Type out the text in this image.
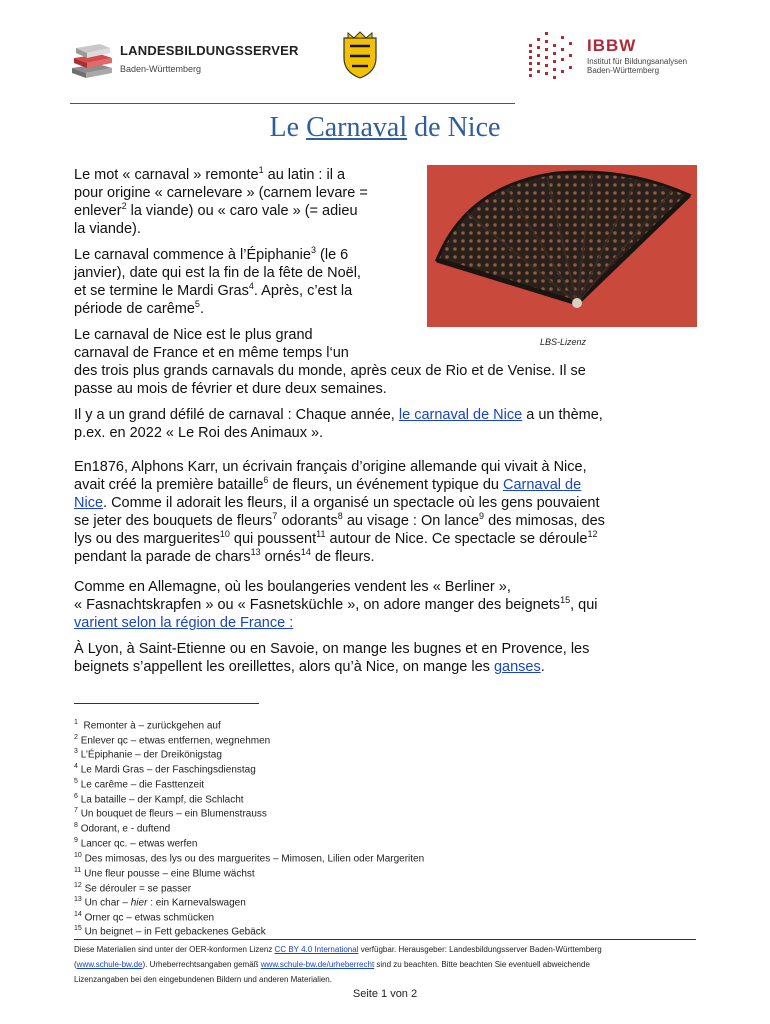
LANDESBILDUNGSSERVER
Baden-Württemberg
IBBW
Institut für Bildungsanalysen
Baden-Württemberg
Le Carnaval de Nice
LBS-Lizenz
Le mot « carnaval » remonte$^1$ au latin : il a
pour origine « carnelevare » (carnem levare =
enlever$^2$ la viande) ou « caro vale » (= adieu
la viande).
Le carnaval commence à l’Épiphanie$^3$ (le 6
janvier), date qui est la fin de la fête de Noël,
et se termine le Mardi Gras$^4$. Après, c’est la
période de carême$^5$.
Le carnaval de Nice est le plus grand
carnaval de France et en même temps l‘un
des trois plus grands carnavals du monde, après ceux de Rio et de Venise. Il se
passe au mois de février et dure deux semaines.
Il y a un grand défilé de carnaval : Chaque année, le carnaval de Nice a un thème,
p.ex. en 2022 « Le Roi des Animaux ».
En1876, Alphons Karr, un écrivain français d’origine allemande qui vivait à Nice,
avait créé la première bataille$^6$ de fleurs, un événement typique du Carnaval de
Nice. Comme il adorait les fleurs, il a organisé un spectacle où les gens pouvaient
se jeter des bouquets de fleurs$^7$ odorants$^8$ au visage : On lance$^9$ des mimosas, des
lys ou des marguerites$^{10}$ qui poussent$^{11}$ autour de Nice. Ce spectacle se déroule$^{12}$
pendant la parade de chars$^{13}$ ornés$^{14}$ de fleurs.
Comme en Allemagne, où les boulangeries vendent les « Berliner »,
« Fasnachtskrapfen » ou « Fasnetsküchle », on adore manger des beignets$^{15}$, qui
varient selon la région de France :
À Lyon, à Saint-Etienne ou en Savoie, on mange les bugnes et en Provence, les
beignets s’appellent les oreillettes, alors qu’à Nice, on mange les ganses.
$^1$ Remonter à – zurückgehen auf
$^2$ Enlever qc – etwas entfernen, wegnehmen
$^3$ L’Épiphanie – der Dreikönigstag
$^4$ Le Mardi Gras – der Faschingsdienstag
$^5$ Le carême – die Fasttenzeit
$^6$ La bataille – der Kampf, die Schlacht
$^7$ Un bouquet de fleurs – ein Blumenstrauss
$^8$ Odorant, e - duftend
$^9$ Lancer qc. – etwas werfen
$^{10}$ Des mimosas, des lys ou des marguerites – Mimosen, Lilien oder Margeriten
$^{11}$ Une fleur pousse – eine Blume wächst
$^{12}$ Se dérouler = se passer
$^{13}$ Un char – hier : ein Karnevalswagen
$^{14}$ Orner qc – etwas schmücken
$^{15}$ Un beignet – in Fett gebackenes Gebäck
Diese Materialien sind unter der OER-konformen Lizenz CC BY 4.0 International verfügbar. Herausgeber: Landesbildungsserver Baden-Württemberg
(www.schule-bw.de). Urheberrechtsangaben gemäß www.schule-bw.de/urheberrecht sind zu beachten. Bitte beachten Sie eventuell abweichende
Lizenzangaben bei den eingebundenen Bildern und anderen Materialien.
Seite 1 von 2
